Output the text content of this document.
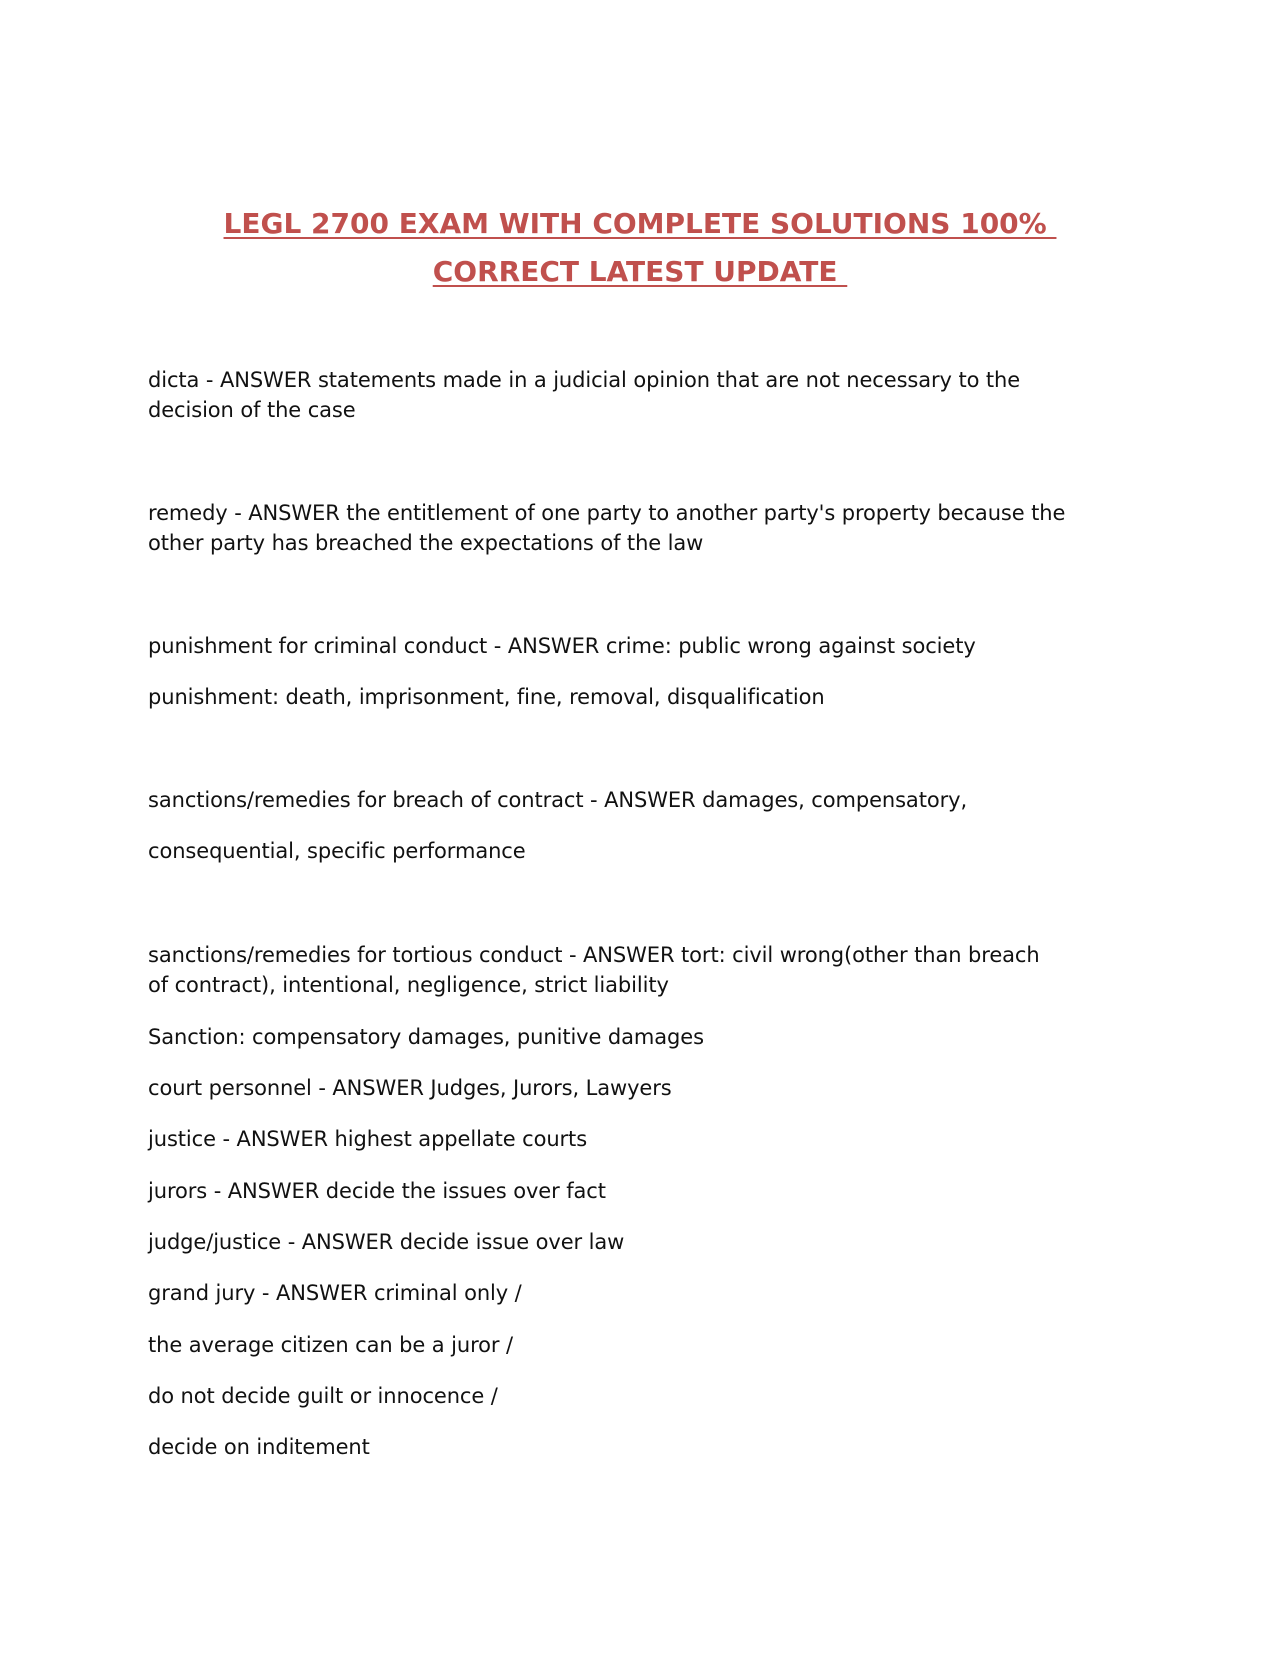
LEGL 2700 EXAM WITH COMPLETE SOLUTIONS 100%
CORRECT LATEST UPDATE
dicta - ANSWER statements made in a judicial opinion that are not necessary to the
decision of the case
remedy - ANSWER the entitlement of one party to another party's property because the
other party has breached the expectations of the law
punishment for criminal conduct - ANSWER crime: public wrong against society
punishment: death, imprisonment, fine, removal, disqualification
sanctions/remedies for breach of contract - ANSWER damages, compensatory,
consequential, specific performance
sanctions/remedies for tortious conduct - ANSWER tort: civil wrong(other than breach
of contract), intentional, negligence, strict liability
Sanction: compensatory damages, punitive damages
court personnel - ANSWER Judges, Jurors, Lawyers
justice - ANSWER highest appellate courts
jurors - ANSWER decide the issues over fact
judge/justice - ANSWER decide issue over law
grand jury - ANSWER criminal only /
the average citizen can be a juror /
do not decide guilt or innocence /
decide on inditement
